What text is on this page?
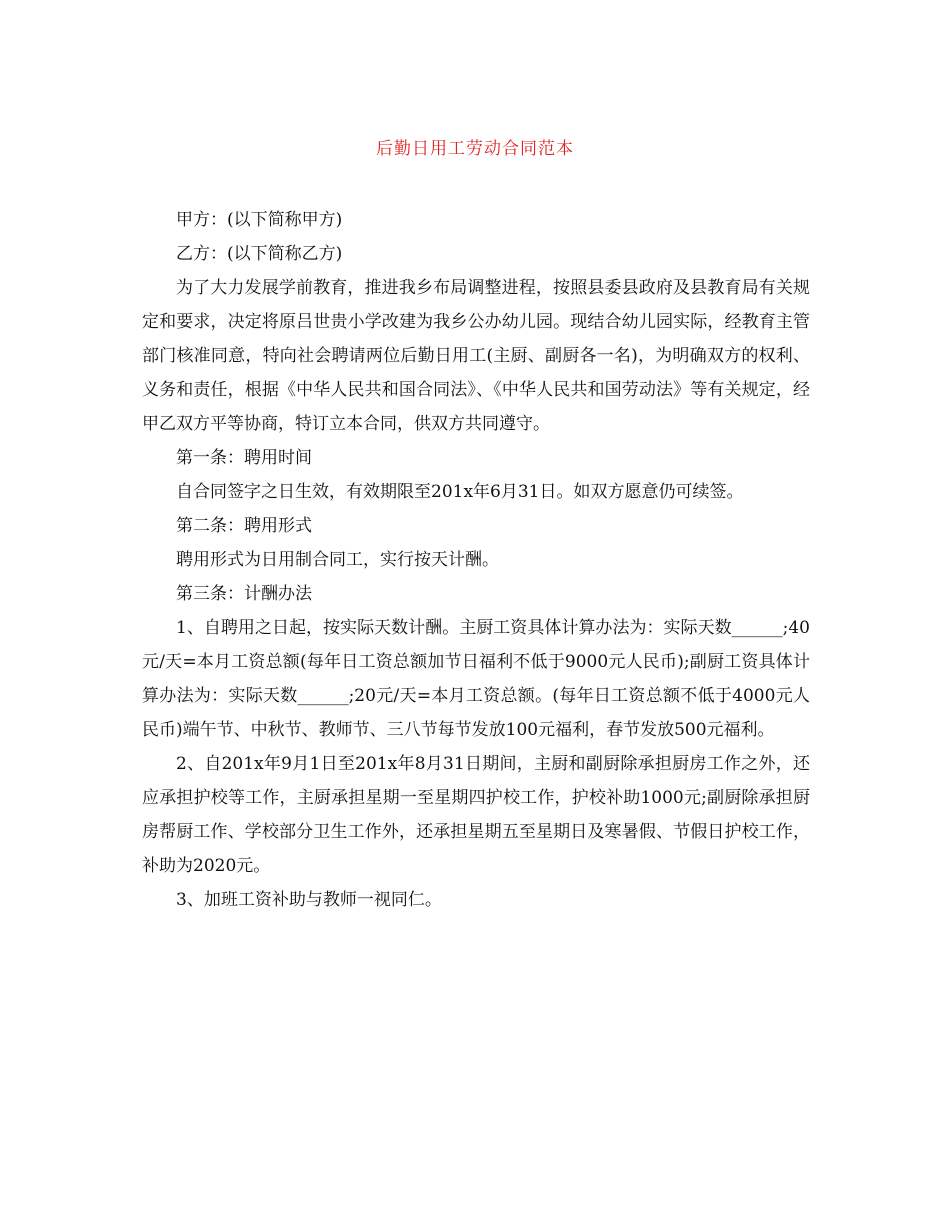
后勤日用工劳动合同范本

甲方：(以下简称甲方)

乙方：(以下简称乙方)

为了大力发展学前教育，推进我乡布局调整进程，按照县委县政府及县教育局有关规定和要求，决定将原吕世贵小学改建为我乡公办幼儿园。现结合幼儿园实际，经教育主管部门核准同意，特向社会聘请两位后勤日用工(主厨、副厨各一名)，为明确双方的权利、义务和责任，根据《中华人民共和国合同法》、《中华人民共和国劳动法》等有关规定，经甲乙双方平等协商，特订立本合同，供双方共同遵守。

第一条：聘用时间

自合同签字之日生效，有效期限至201x年6月31日。如双方愿意仍可续签。

第二条：聘用形式

聘用形式为日用制合同工，实行按天计酬。

第三条：计酬办法

1、自聘用之日起，按实际天数计酬。主厨工资具体计算办法为：实际天数______;40元/天=本月工资总额(每年日工资总额加节日福利不低于9000元人民币);副厨工资具体计算办法为：实际天数______;20元/天=本月工资总额。(每年日工资总额不低于4000元人民币)端午节、中秋节、教师节、三八节每节发放100元福利，春节发放500元福利。

2、自201x年9月1日至201x年8月31日期间，主厨和副厨除承担厨房工作之外，还应承担护校等工作，主厨承担星期一至星期四护校工作，护校补助1000元;副厨除承担厨房帮厨工作、学校部分卫生工作外，还承担星期五至星期日及寒暑假、节假日护校工作，补助为2020元。

3、加班工资补助与教师一视同仁。
